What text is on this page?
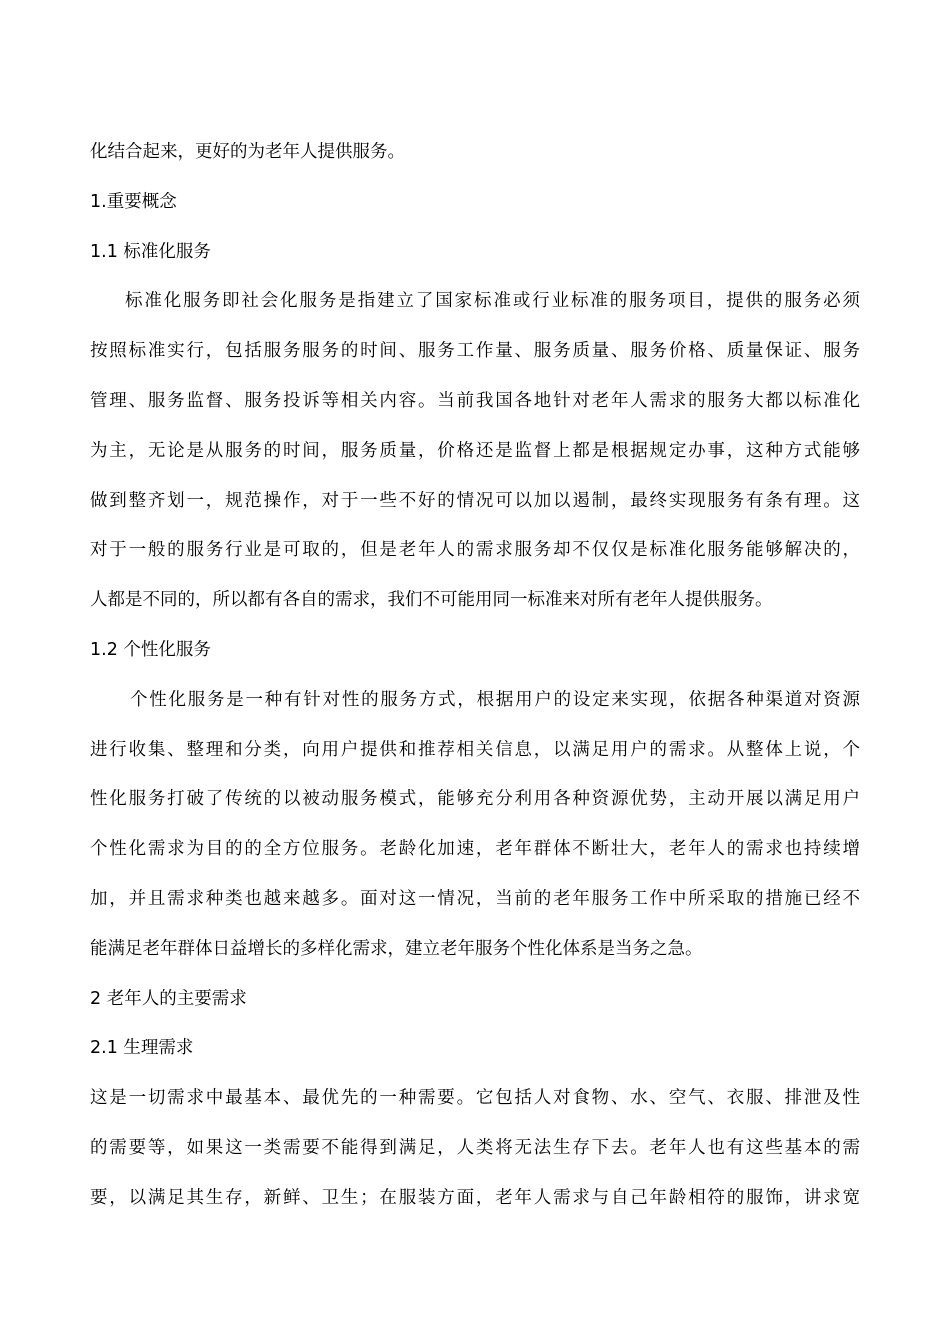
化结合起来，更好的为老年人提供服务。
1.重要概念
1.1 标准化服务
标准化服务即社会化服务是指建立了国家标准或行业标准的服务项目，提供的服务必须
按照标准实行，包括服务服务的时间、服务工作量、服务质量、服务价格、质量保证、服务
管理、服务监督、服务投诉等相关内容。当前我国各地针对老年人需求的服务大都以标准化
为主，无论是从服务的时间，服务质量，价格还是监督上都是根据规定办事，这种方式能够
做到整齐划一，规范操作，对于一些不好的情况可以加以遏制，最终实现服务有条有理。这
对于一般的服务行业是可取的，但是老年人的需求服务却不仅仅是标准化服务能够解决的，
人都是不同的，所以都有各自的需求，我们不可能用同一标准来对所有老年人提供服务。
1.2 个性化服务
个性化服务是一种有针对性的服务方式，根据用户的设定来实现，依据各种渠道对资源
进行收集、整理和分类，向用户提供和推荐相关信息，以满足用户的需求。从整体上说，个
性化服务打破了传统的以被动服务模式，能够充分利用各种资源优势，主动开展以满足用户
个性化需求为目的的全方位服务。老龄化加速，老年群体不断壮大，老年人的需求也持续增
加，并且需求种类也越来越多。面对这一情况，当前的老年服务工作中所采取的措施已经不
能满足老年群体日益增长的多样化需求，建立老年服务个性化体系是当务之急。
2 老年人的主要需求
2.1 生理需求
这是一切需求中最基本、最优先的一种需要。它包括人对食物、水、空气、衣服、排泄及性
的需要等，如果这一类需要不能得到满足，人类将无法生存下去。老年人也有这些基本的需
要，以满足其生存，新鲜、卫生；在服装方面，老年人需求与自己年龄相符的服饰，讲求宽
